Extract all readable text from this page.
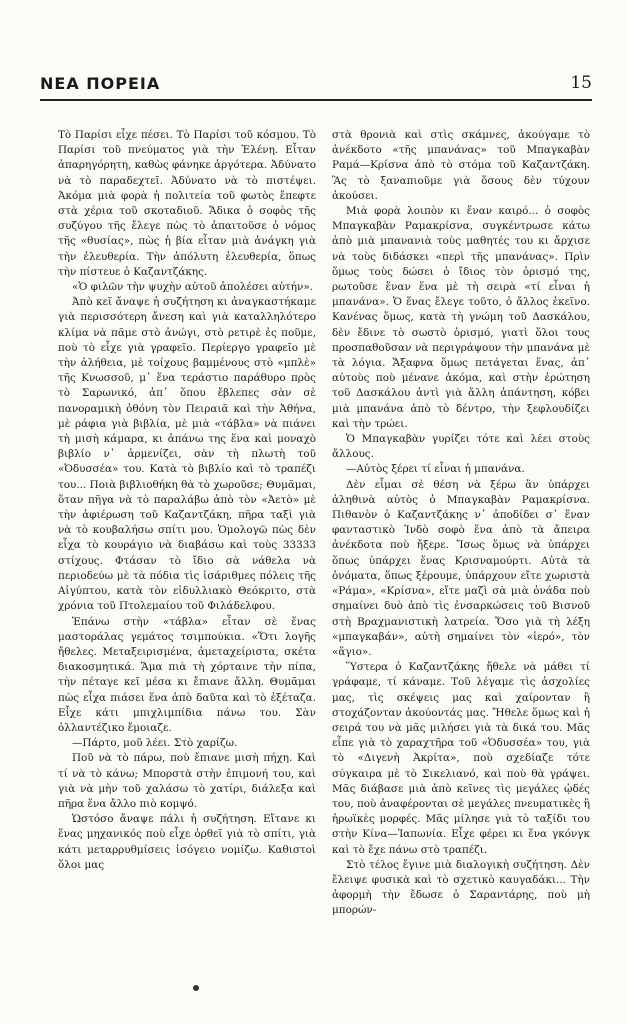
ΝΕΑ ΠΟΡΕΙΑ	15

Τὸ Παρίσι εἶχε πέσει. Τὸ Παρίσι τοῦ κόσμου. Τὸ Παρίσι τοῦ πνεύματος γιὰ τὴν Ἑλένη. Εἶταν ἀπαρηγόρητη, καθὼς φάνηκε ἀργότερα. Ἀδύνατο νὰ τὸ παραδεχτεῖ. Ἀδύνατο νὰ τὸ πιστέψει. Ἀκόμα μιὰ φορὰ ἡ πολιτεία τοῦ φωτὸς ἔπεφτε στὰ χέρια τοῦ σκοταδιοῦ. Ἄδικα ὁ σοφὸς τῆς συζύγου τῆς ἔλεγε πὼς τὸ ἀπαιτοῦσε ὁ νόμος τῆς «θυσίας», πὼς ἡ βία εἶταν μιὰ ἀνάγκη γιὰ τὴν ἐλευθερία. Τὴν ἀπόλυτη ἐλευθερία, ὅπως τὴν πίστευε ὁ Καζαντζάκης.

«Ὁ φιλῶν τὴν ψυχὴν αὐτοῦ ἀπολέσει αὐτήν».

Ἀπὸ κεῖ ἄναψε ἡ συζήτηση κι ἀναγκαστήκαμε γιὰ περισσότερη ἄνεση καὶ γιὰ καταλληλότερο κλίμα νὰ πᾶμε στὸ ἀνώγι, στὸ ρετιρὲ ἐς ποῦμε, ποὺ τὸ εἶχε γιὰ γραφεῖο. Περίεργο γραφεῖο μὲ τὴν ἀλήθεια, μὲ τοίχους βαμμένους στὸ «μπλὲ» τῆς Κνωσσοῦ, μ᾿ ἕνα τεράστιο παράθυρο πρὸς τὸ Σαρωνικό, ἀπ᾿ ὅπου ἔβλεπες σὰν σὲ πανοραμικὴ ὀθόνη τὸν Πειραιᾶ καὶ τὴν Ἀθήνα, μὲ ράφια γιὰ βιβλία, μὲ μιὰ «τάβλα» νὰ πιάνει τὴ μισὴ κάμαρα, κι ἀπάνω της ἕνα καὶ μοναχὸ βιβλίο ν᾿ ἀρμενίζει, σὰν τὴ πλωτὴ τοῦ «Ὀδυσσέα» του. Κατὰ τὸ βιβλίο καὶ τὸ τραπέζι του... Ποιὰ βιβλιοθήκη θὰ τὸ χωροῦσε; Θυμᾶμαι, ὅταν πῆγα νὰ τὸ παραλάβω ἀπὸ τὸν «Ἀετὸ» μὲ τὴν ἀφιέρωση τοῦ Καζαντζάκη, πῆρα ταξὶ γιὰ νὰ τὸ κουβαλήσω σπίτι μου. Ὁμολογῶ πὼς δὲν εἶχα τὸ κουράγιο νὰ διαβάσω καὶ τοὺς 33333 στίχους. Φτάσαν τὸ ἴδιο σὰ νάθελα νὰ περιοδεύω μὲ τὰ πόδια τὶς ἰσάριθμες πόλεις τῆς Αἰγύπτου, κατὰ τὸν εἰδυλλιακὸ Θεόκριτο, στὰ χρόνια τοῦ Πτολεμαίου τοῦ Φιλάδελφου.

Ἐπάνω στὴν «τάβλα» εἶταν σὲ ἕνας μαστοράλας γεμάτος τσιμπούκια. «Ὅτι λογῆς ἤθελες. Μεταξειρισμένα, ἀμεταχείριστα, σκέτα διακοσμητικά. Ἅμα πιὰ τὴ χόρταινε τὴν πίπα, τὴν πέταγε κεῖ μέσα κι ἔπιανε ἄλλη. Θυμᾶμαι πὼς εἶχα πιάσει ἕνα ἀπὸ δαῦτα καὶ τὸ ἐξέταζα. Εἶχε κάτι μπιχλιμπίδια πάνω του. Σὰν ὀλλαντέζικο ἔμοιαζε.

—Πάρτο, μοῦ λέει. Στὸ χαρίζω.

Ποῦ νὰ τὸ πάρω, ποὺ ἔπιανε μισὴ πήχη. Καὶ τί νὰ τὸ κάνω; Μπορστὰ στὴν ἐπιμονή του, καὶ γιὰ νὰ μὴν τοῦ χαλάσω τὸ χατίρι, διάλεξα καὶ πῆρα ἕνα ἄλλο πιὸ κομψό.

Ὡστόσο ἄναψε πάλι ἡ συζήτηση. Εἴτανε κι ἕνας μηχανικός ποὺ εἶχε ὀρθεῖ γιὰ τὸ σπίτι, γιὰ κάτι μεταρρυθμίσεις ἰσόγειο νομίζω. Καθιστοὶ ὅλοι μας

στὰ θρονιὰ καὶ στὶς σκάμνες, ἀκούγαμε τὸ ἀνέκδοτο «τῆς μπανάνας» τοῦ Μπαγκαβὰν Ραμά—Κρίσνα ἀπὸ τὸ στόμα τοῦ Καζαντζάκη. Ἂς τὸ ξαναπιοῦμε γιὰ ὅσους δὲν τύχουν ἀκούσει.

Μιὰ φορὰ λοιπὸν κι ἕναν καιρό... ὁ σοφὸς Μπαγκαβὰν Ραμακρίσνα, συγκέντρωσε κάτω ἀπὸ μιὰ μπανανιὰ τοὺς μαθητές του κι ἄρχισε νὰ τοὺς διδάσκει «περὶ τῆς μπανάνας». Πρὶν ὅμως τοὺς δώσει ὁ ἴδιος τὸν ὁρισμό της, ρωτοῦσε ἕναν ἕνα μὲ τὴ σειρὰ «τί εἶναι ἡ μπανάνα». Ὁ ἕνας ἔλεγε τοῦτο, ὁ ἄλλος ἐκεῖνο. Κανένας ὅμως, κατὰ τὴ γνώμη τοῦ Δασκάλου, δὲν ἔδινε τὸ σωστὸ ὁρισμό, γιατὶ ὅλοι τους προσπαθοῦσαν νὰ περιγράψουν τὴν μπανάνα μὲ τὰ λόγια. Ἄξαφνα ὅμως πετάγεται ἕνας, ἀπ᾿ αὐτοὺς ποὺ μένανε ἀκόμα, καὶ στὴν ἐρώτηση τοῦ Δασκάλου ἀντὶ γιὰ ἄλλη ἀπάντηση, κόβει μιὰ μπανάνα ἀπὸ τὸ δέντρο, τὴν ξεφλουδίζει καὶ τὴν τρώει.

Ὁ Μπαγκαβὰν γυρίζει τότε καὶ λέει στοὺς ἄλλους.

—Αὐτὸς ξέρει τί εἶναι ἡ μπανάνα.

Δὲν εἶμαι σὲ θέση νὰ ξέρω ἂν ὑπάρχει ἀληθινὰ αὐτὸς ὁ Μπαγκαβὰν Ραμακρίσνα. Πιθανὸν ὁ Καζαντζάκης ν᾿ ἀποδίδει σ᾿ ἕναν φανταστικὸ Ἰνδὸ σοφὸ ἕνα ἀπὸ τὰ ἄπειρα ἀνέκδοτα ποὺ ἤξερε. Ἴσως ὅμως νὰ ὑπάρχει ὅπως ὑπάρχει ἕνας Κρισναμούρτι. Αὐτὰ τὰ ὀνόματα, ὅπως ξέρουμε, ὑπάρχουν εἴτε χωριστὰ «Ράμα», «Κρίσνα», εἴτε μαζὶ σὰ μιὰ ὀνάδα ποὺ σημαίνει δυὸ ἀπὸ τὶς ἐνσαρκώσεις τοῦ Βισνοῦ στὴ Βραχμανιστικὴ λατρεία. Ὅσο γιὰ τὴ λέξη «μπαγκαβάν», αὐτὴ σημαίνει τὸν «ἱερό», τὸν «ἅγιο».

Ὕστερα ὁ Καζαντζάκης ἤθελε νὰ μάθει τί γράφαμε, τί κάναμε. Τοῦ λέγαμε τὶς ἀσχολίες μας, τὶς σκέψεις μας καὶ χαίρονταν ἢ στοχάζονταν ἀκούοντάς μας. Ἤθελε ὅμως καὶ ἡ σειρά του νὰ μᾶς μιλήσει γιὰ τὰ δικά του. Μᾶς εἶπε γιὰ τὸ χαραχτῆρα τοῦ «Ὀδυσσέα» του, γιὰ τὸ «Διγενὴ Ἀκρίτα», ποὺ σχεδίαζε τότε σύγκαιρα μὲ τὸ Σικελιανό, καὶ ποὺ θὰ γράψει. Μᾶς διάβασε μιὰ ἀπὸ κεῖνες τὶς μεγάλες ᾠδές του, ποὺ ἀναφέρονται σὲ μεγάλες πνευματικὲς ἢ ἡρωϊκὲς μορφές. Μᾶς μίλησε γιὰ τὸ ταξίδι του στὴν Κίνα—Ἰαπωνία. Εἶχε φέρει κι ἕνα γκόνγκ καὶ τὸ ἔχε πάνω στὸ τραπέζι.

Στὸ τέλος ἔγινε μιὰ διαλογικὴ συζήτηση. Δὲν ἔλειψε φυσικὰ καὶ τὸ σχετικὸ καυγαδάκι... Τὴν ἀφορμὴ τὴν ἔδωσε ὁ Σαραντάρης, ποὺ μὴ μπορών-
